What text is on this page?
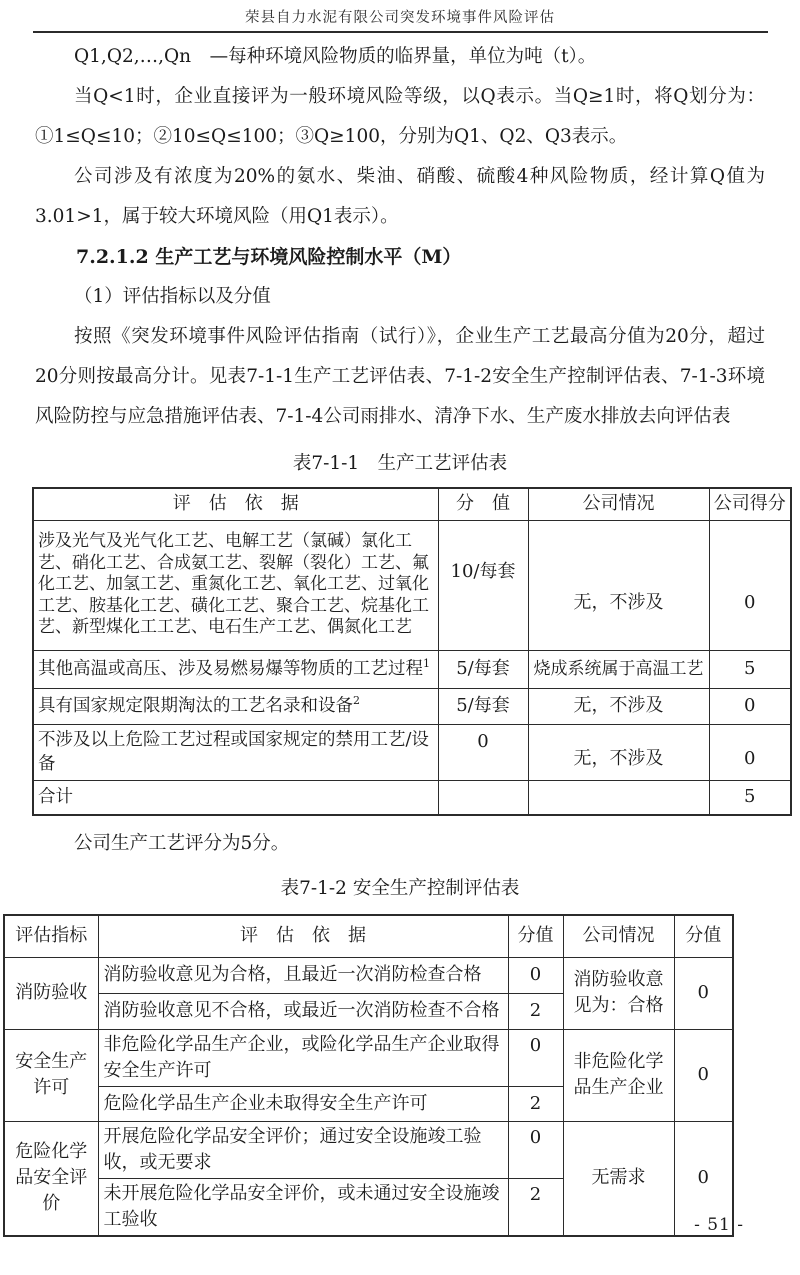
荣县自力水泥有限公司突发环境事件风险评估

Q1,Q2,…,Qn　—每种环境风险物质的临界量，单位为吨（t）。

当Q<1时，企业直接评为一般环境风险等级，以Q表示。当Q≥1时，将Q划分为：①1≤Q≤10；②10≤Q≤100；③Q≥100，分别为Q1、Q2、Q3表示。

公司涉及有浓度为20%的氨水、柴油、硝酸、硫酸4种风险物质，经计算Q值为3.01>1，属于较大环境风险（用Q1表示）。

7.2.1.2 生产工艺与环境风险控制水平（M）

（1）评估指标以及分值

按照《突发环境事件风险评估指南（试行）》，企业生产工艺最高分值为20分，超过20分则按最高分计。见表7-1-1生产工艺评估表、7-1-2安全生产控制评估表、7-1-3环境风险防控与应急措施评估表、7-1-4公司雨排水、清净下水、生产废水排放去向评估表

表7-1-1　生产工艺评估表
评　估　依　据	分　值	公司情况	公司得分
涉及光气及光气化工艺、电解工艺（氯碱）氯化工艺、硝化工艺、合成氨工艺、裂解（裂化）工艺、氟化工艺、加氢工艺、重氮化工艺、氧化工艺、过氧化工艺、胺基化工艺、磺化工艺、聚合工艺、烷基化工艺、新型煤化工工艺、电石生产工艺、偶氮化工艺	10/每套	无，不涉及	0
其他高温或高压、涉及易燃易爆等物质的工艺过程$^1$	5/每套	烧成系统属于高温工艺	5
具有国家规定限期淘汰的工艺名录和设备$^2$	5/每套	无，不涉及	0
不涉及以上危险工艺过程或国家规定的禁用工艺/设备	0	无，不涉及	0
合计			5

公司生产工艺评分为5分。

表7-1-2 安全生产控制评估表
评估指标	评　估　依　据	分值	公司情况	分值
消防验收	消防验收意见为合格，且最近一次消防检查合格	0	消防验收意见为：合格	0
	消防验收意见不合格，或最近一次消防检查不合格	2		
安全生产许可	非危险化学品生产企业，或险化学品生产企业取得安全生产许可	0	非危险化学品生产企业	0
	危险化学品生产企业未取得安全生产许可	2		
危险化学品安全评价	开展危险化学品安全评价；通过安全设施竣工验收，或无要求	0	无需求	0
	未开展危险化学品安全评价，或未通过安全设施竣工验收	2		
- 51 -
